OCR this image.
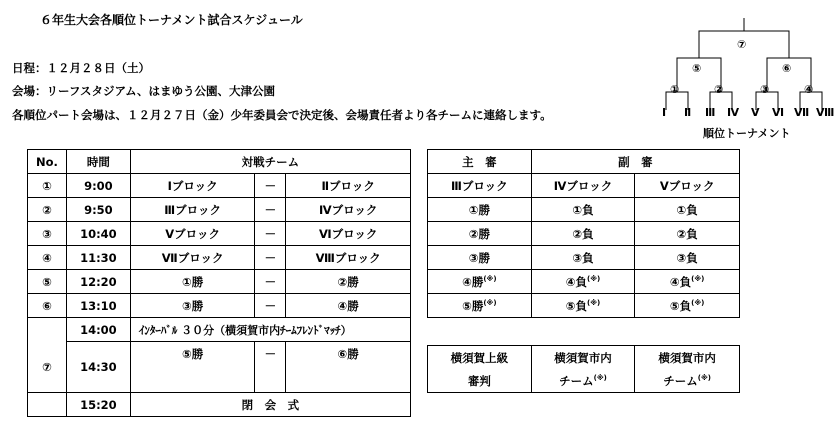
６年生大会各順位トーナメント試合スケジュール
日程：１２月２８日（土）
会場：リーフスタジアム、はまゆう公園、大津公園
各順位パート会場は、１２月２７日（金）少年委員会で決定後、会場責任者より各チームに連絡します。
⑦
⑤	⑥
①	②	③	④
Ⅰ Ⅱ Ⅲ Ⅳ Ⅴ Ⅵ Ⅶ Ⅷ
順位トーナメント
No.	時間	対戦チーム		
①	9:00	Ⅰブロック	－	Ⅱブロック
②	9:50	Ⅲブロック	－	Ⅳブロック
③	10:40	Ⅴブロック	－	Ⅵブロック
④	11:30	Ⅶブロック	－	Ⅷブロック
⑤	12:20	①勝	－	②勝
⑥	13:10	③勝	－	④勝
	14:00	ｲﾝﾀｰﾊﾞﾙ ３０分（横須賀市内ﾁｰﾑﾌﾚﾝﾄﾞﾏｯﾁ）		
⑦	14:30	⑤勝	－	⑥勝
	15:20	閉　会　式		
主　審	副　審	
Ⅲブロック	Ⅳブロック	Ⅴブロック
①勝	①負	①負
②勝	②負	②負
③勝	③負	③負
④勝(※)	④負(※)	④負(※)
⑤勝(※)	⑤負(※)	⑤負(※)
横須賀上級	横須賀市内	横須賀市内
審判	チーム(※)	チーム(※)
